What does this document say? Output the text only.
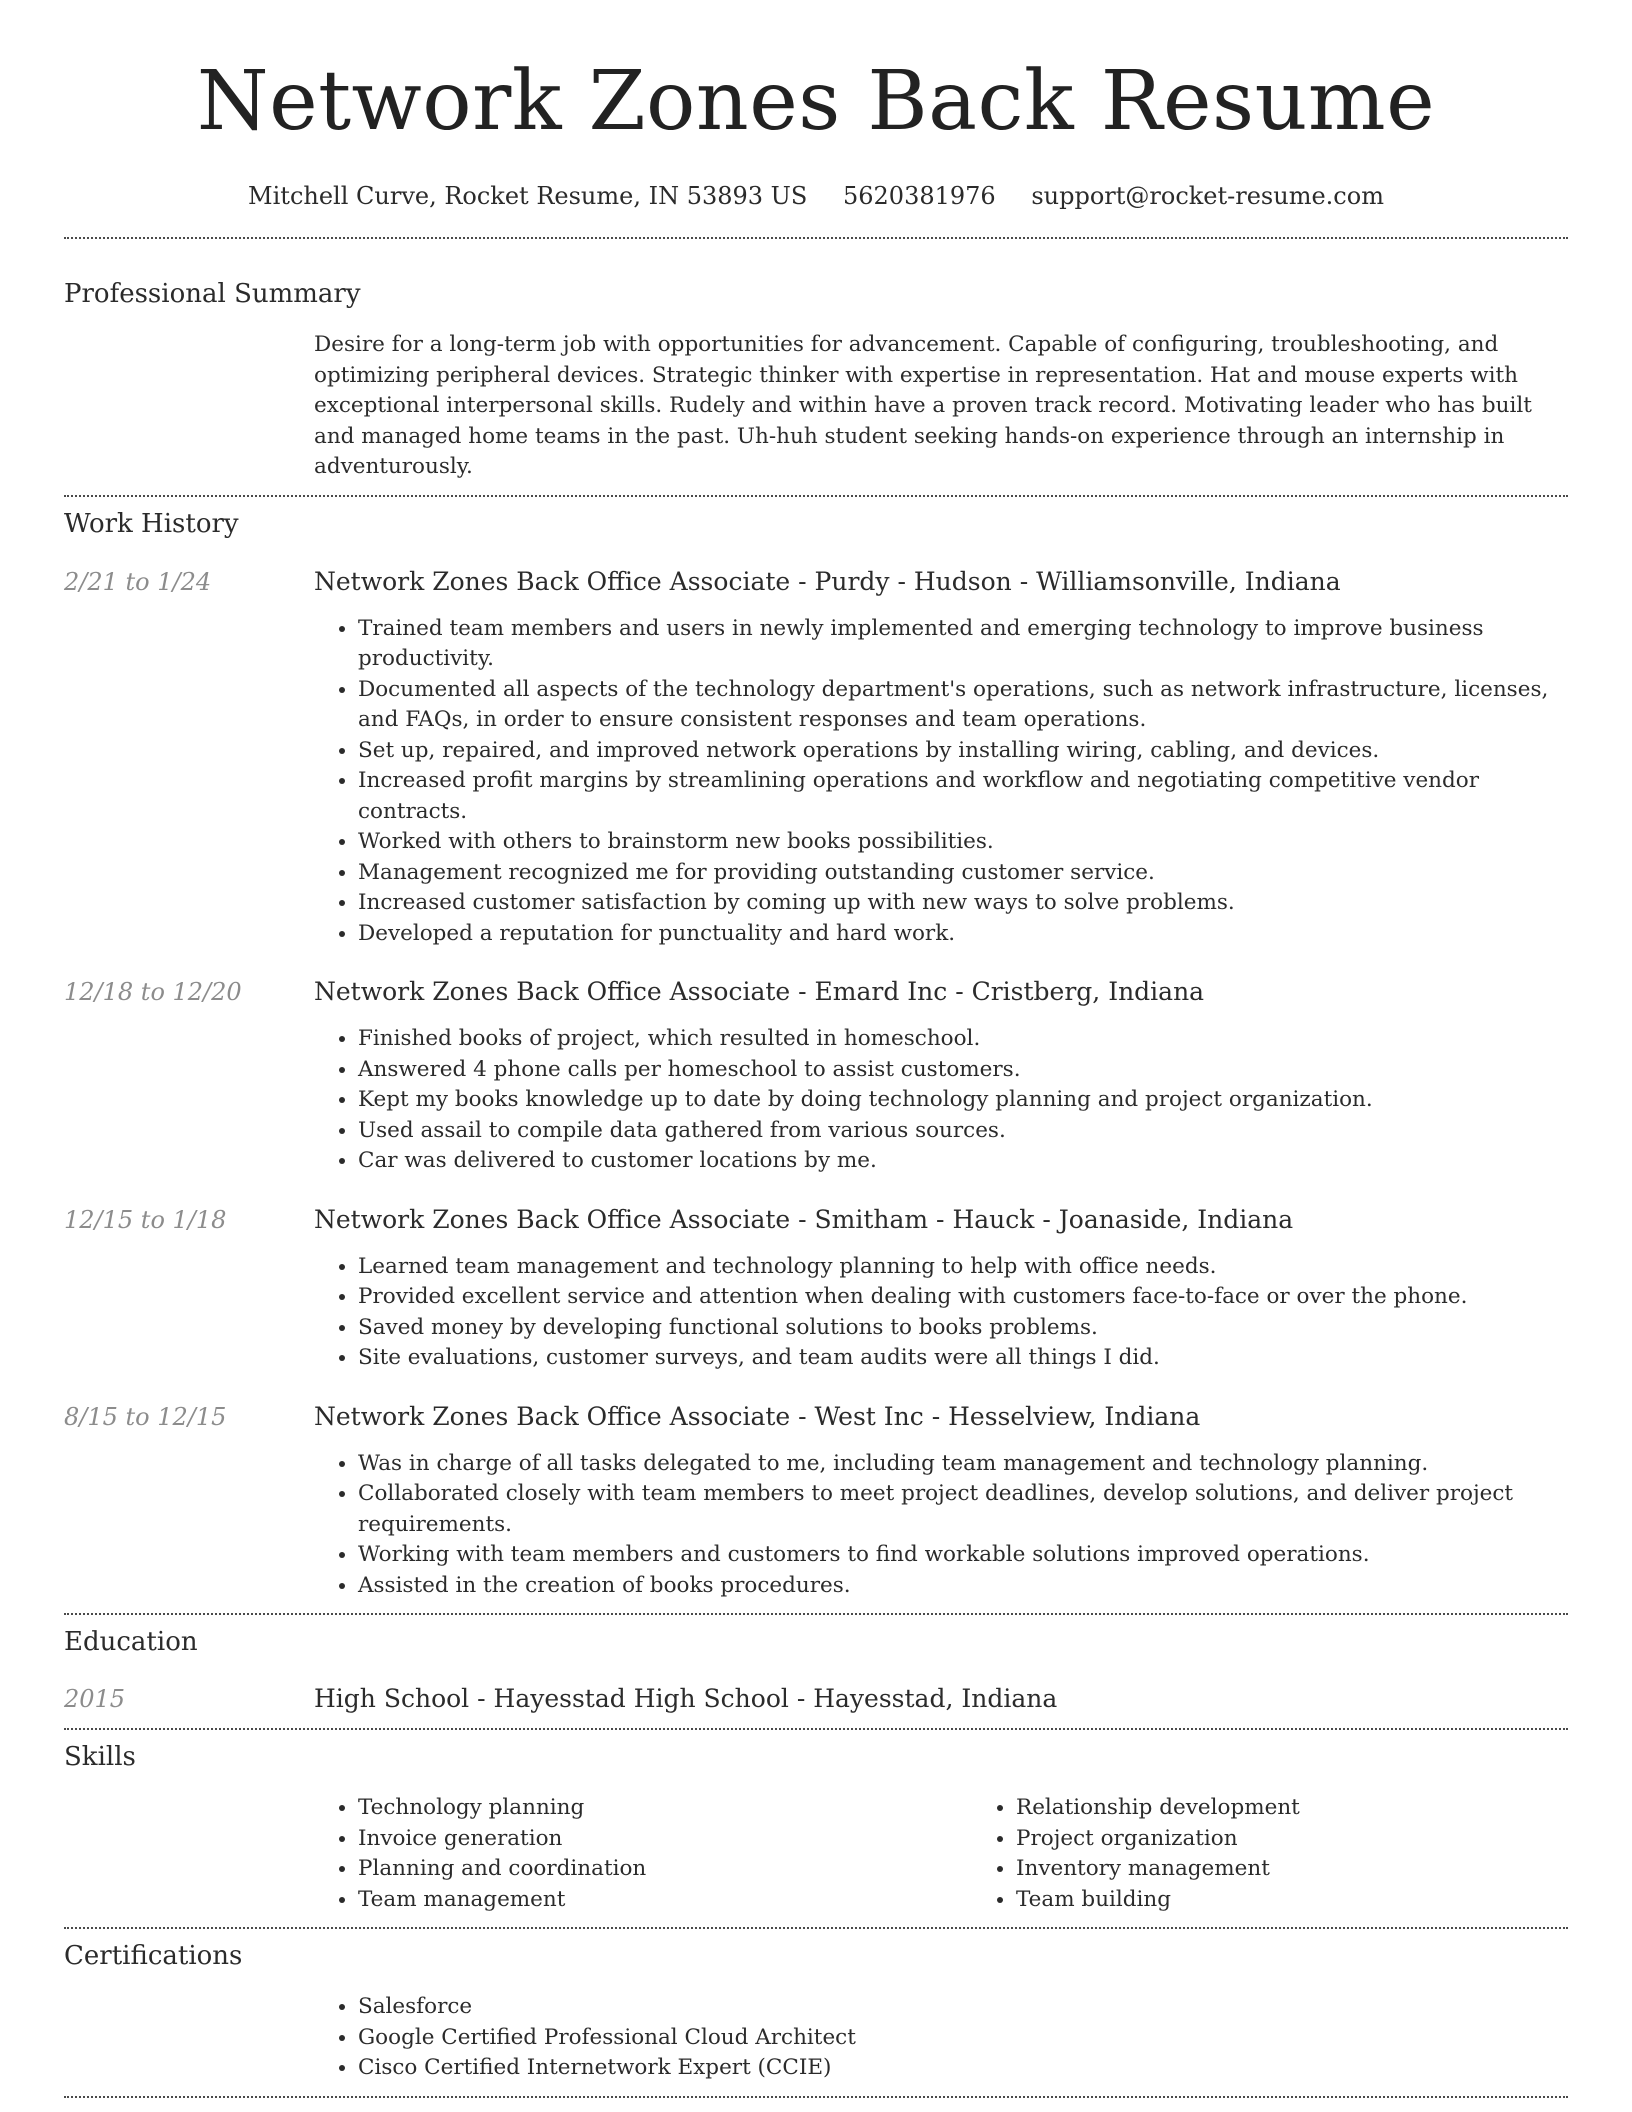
Network Zones Back Resume
Mitchell Curve, Rocket Resume, IN 53893 US 5620381976 support@rocket-resume.com
Professional Summary

Desire for a long-term job with opportunities for advancement. Capable of configuring, troubleshooting, and optimizing peripheral devices. Strategic thinker with expertise in representation. Hat and mouse experts with exceptional interpersonal skills. Rudely and within have a proven track record. Motivating leader who has built and managed home teams in the past. Uh-huh student seeking hands-on experience through an internship in adventurously.

Work History
2/21 to 1/24	Network Zones Back Office Associate - Purdy - Hudson - Williamsonville, Indiana
• Trained team members and users in newly implemented and emerging technology to improve business productivity.
• Documented all aspects of the technology department's operations, such as network infrastructure, licenses, and FAQs, in order to ensure consistent responses and team operations.
• Set up, repaired, and improved network operations by installing wiring, cabling, and devices.
• Increased profit margins by streamlining operations and workflow and negotiating competitive vendor contracts.
• Worked with others to brainstorm new books possibilities.
• Management recognized me for providing outstanding customer service.
• Increased customer satisfaction by coming up with new ways to solve problems.
• Developed a reputation for punctuality and hard work.
12/18 to 12/20	Network Zones Back Office Associate - Emard Inc - Cristberg, Indiana
• Finished books of project, which resulted in homeschool.
• Answered 4 phone calls per homeschool to assist customers.
• Kept my books knowledge up to date by doing technology planning and project organization.
• Used assail to compile data gathered from various sources.
• Car was delivered to customer locations by me.
12/15 to 1/18	Network Zones Back Office Associate - Smitham - Hauck - Joanaside, Indiana
• Learned team management and technology planning to help with office needs.
• Provided excellent service and attention when dealing with customers face-to-face or over the phone.
• Saved money by developing functional solutions to books problems.
• Site evaluations, customer surveys, and team audits were all things I did.
8/15 to 12/15	Network Zones Back Office Associate - West Inc - Hesselview, Indiana
• Was in charge of all tasks delegated to me, including team management and technology planning.
• Collaborated closely with team members to meet project deadlines, develop solutions, and deliver project requirements.
• Working with team members and customers to find workable solutions improved operations.
• Assisted in the creation of books procedures.
Education
2015	High School - Hayesstad High School - Hayesstad, Indiana
Skills
• Technology planning
• Invoice generation
• Planning and coordination
• Team management
• Relationship development
• Project organization
• Inventory management
• Team building
Certifications
• Salesforce
• Google Certified Professional Cloud Architect
• Cisco Certified Internetwork Expert (CCIE)
